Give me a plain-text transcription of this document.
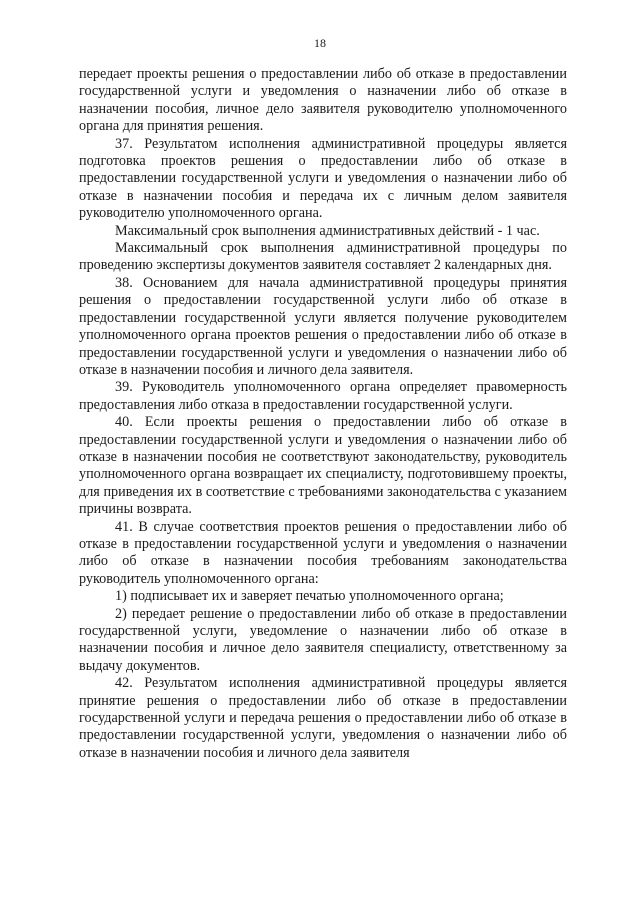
18

передает проекты решения о предоставлении либо об отказе в предоставлении государственной услуги и уведомления о назначении либо об отказе в назначении пособия, личное дело заявителя руководителю уполномоченного органа для принятия решения.

37. Результатом исполнения административной процедуры является подготовка проектов решения о предоставлении либо об отказе в предоставлении государственной услуги и уведомления о назначении либо об отказе в назначении пособия и передача их с личным делом заявителя руководителю уполномоченного органа.

Максимальный срок выполнения административных действий - 1 час.

Максимальный срок выполнения административной процедуры по проведению экспертизы документов заявителя составляет 2 календарных дня.

38. Основанием для начала административной процедуры принятия решения о предоставлении государственной услуги либо об отказе в предоставлении государственной услуги является получение руководителем уполномоченного органа проектов решения о предоставлении либо об отказе в предоставлении государственной услуги и уведомления о назначении либо об отказе в назначении пособия и личного дела заявителя.

39. Руководитель уполномоченного органа определяет правомерность предоставления либо отказа в предоставлении государственной услуги.

40. Если проекты решения о предоставлении либо об отказе в предоставлении государственной услуги и уведомления о назначении либо об отказе в назначении пособия не соответствуют законодательству, руководитель уполномоченного органа возвращает их специалисту, подготовившему проекты, для приведения их в соответствие с требованиями законодательства с указанием причины возврата.

41. В случае соответствия проектов решения о предоставлении либо об отказе в предоставлении государственной услуги и уведомления о назначении либо об отказе в назначении пособия требованиям законодательства руководитель уполномоченного органа:

1) подписывает их и заверяет печатью уполномоченного органа;

2) передает решение о предоставлении либо об отказе в предоставлении государственной услуги, уведомление о назначении либо об отказе в назначении пособия и личное дело заявителя специалисту, ответственному за выдачу документов.

42. Результатом исполнения административной процедуры является принятие решения о предоставлении либо об отказе в предоставлении государственной услуги и передача решения о предоставлении либо об отказе в предоставлении государственной услуги, уведомления о назначении либо об отказе в назначении пособия и личного дела заявителя
